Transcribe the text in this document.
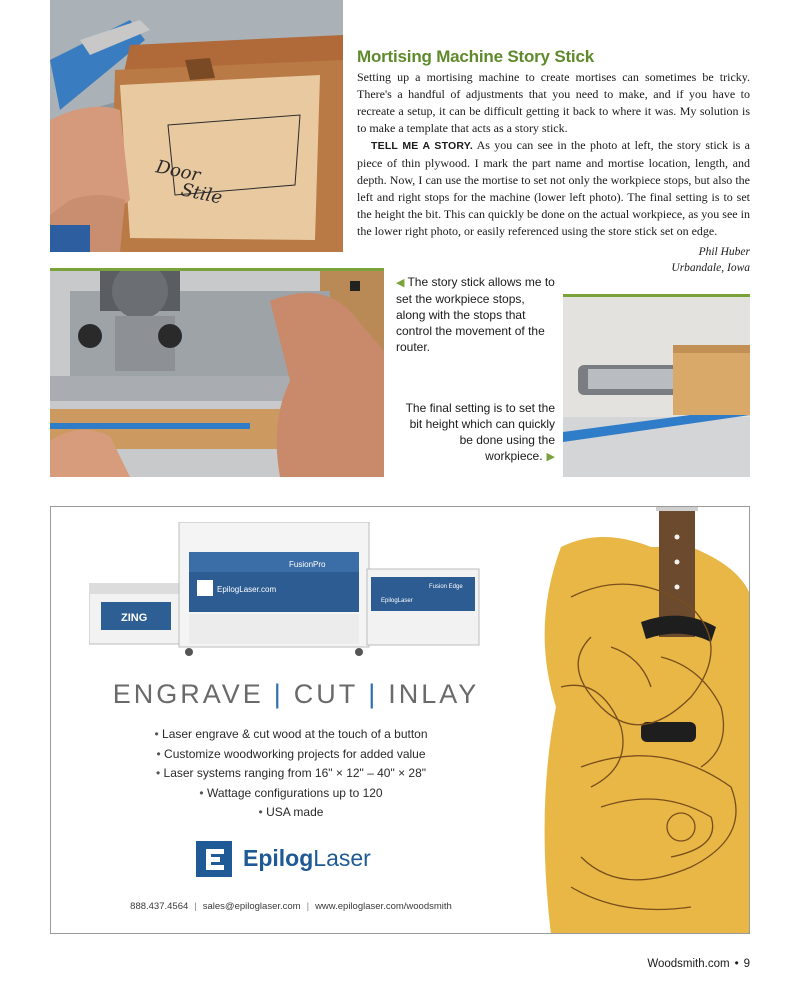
Door
Stile
Mortising Machine Story Stick

Setting up a mortising machine to create mortises can sometimes be tricky. There's a handful of adjustments that you need to make, and if you have to recreate a setup, it can be difficult getting it back to where it was. My solution is to make a template that acts as a story stick.

TELL ME A STORY. As you can see in the photo at left, the story stick is a piece of thin plywood. I mark the part name and mortise location, length, and depth. Now, I can use the mortise to set not only the workpiece stops, but also the left and right stops for the machine (lower left photo). The final setting is to set the height the bit. This can quickly be done on the actual workpiece, as you see in the lower right photo, or easily referenced using the store stick set on edge.

Phil Huber
Urbandale, Iowa
◀ The story stick allows me to set the workpiece stops, along with the stops that control the movement of the router.
The final setting is to set the bit height which can quickly be done using the workpiece. ▶
ZING
FusionPro
EpilogLaser.com	Fusion Edge
EpilogLaser
ENGRAVE | CUT | INLAY
• Laser engrave & cut wood at the touch of a button
• Customize woodworking projects for added value
• Laser systems ranging from 16" × 12" – 40" × 28"
• Wattage configurations up to 120
• USA made
EpilogLaser
888.437.4564 | sales@epiloglaser.com | www.epiloglaser.com/woodsmith
Woodsmith.com • 9
